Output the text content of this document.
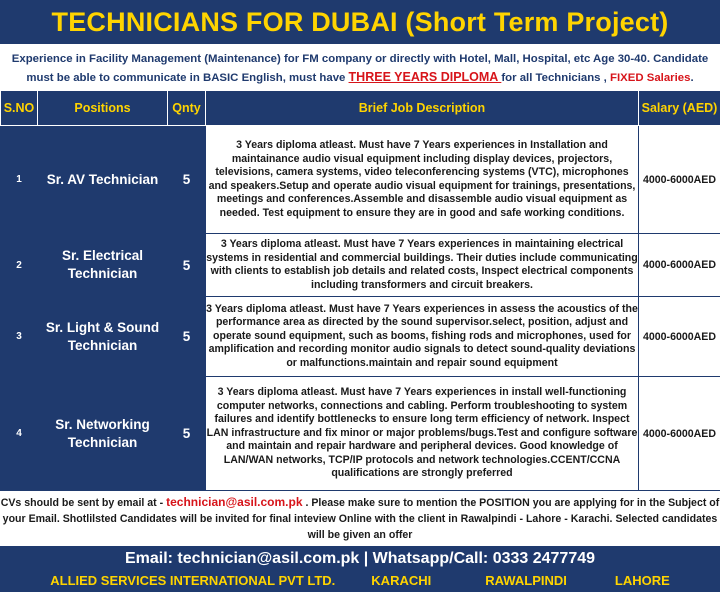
TECHNICIANS FOR DUBAI (Short Term Project)
Experience in Facility Management (Maintenance) for FM company or directly with Hotel, Mall, Hospital, etc Age 30-40. Candidate must be able to communicate in BASIC English, must have THREE YEARS DIPLOMA for all Technicians , FIXED Salaries.
S.NO	Positions	Qnty	Brief Job Description	Salary (AED)
1	Sr. AV Technician	5	3 Years diploma atleast. Must have 7 Years experiences in Installation and maintainance audio visual equipment including display devices, projectors, televisions, camera systems, video teleconferencing systems (VTC), microphones and speakers.Setup and operate audio visual equipment for trainings, presentations, meetings and conferences.Assemble and disassemble audio visual equipment as needed. Test equipment to ensure they are in good and safe working conditions.	4000-6000AED
2	Sr. Electrical Technician	5	3 Years diploma atleast. Must have 7 Years experiences in maintaining electrical systems in residential and commercial buildings. Their duties include communicating with clients to establish job details and related costs, Inspect electrical components including transformers and circuit breakers.	4000-6000AED
3	Sr. Light & Sound Technician	5	3 Years diploma atleast. Must have 7 Years experiences in assess the acoustics of the performance area as directed by the sound supervisor.select, position, adjust and operate sound equipment, such as booms, fishing rods and microphones, used for amplification and recording monitor audio signals to detect sound-quality deviations or malfunctions.maintain and repair sound equipment	4000-6000AED
4	Sr. Networking Technician	5	3 Years diploma atleast. Must have 7 Years experiences in install well-functioning computer networks, connections and cabling. Perform troubleshooting to system failures and identify bottlenecks to ensure long term efficiency of network. Inspect LAN infrastructure and fix minor or major problems/bugs.Test and configure software and maintain and repair hardware and peripheral devices. Good knowledge of LAN/WAN networks, TCP/IP protocols and network technologies.CCENT/CCNA qualifications are strongly preferred	4000-6000AED
CVs should be sent by email at - technician@asil.com.pk . Please make sure to mention the POSITION you are applying for in the Subject of your Email. Shotlilsted Candidates will be invited for final inteview Online with the client in Rawalpindi - Lahore - Karachi. Selected candidates will be given an offer
Email: technician@asil.com.pk | Whatsapp/Call: 0333 2477749
ALLIED SERVICES INTERNATIONAL PVT LTD.	KARACHI	RAWALPINDI	LAHORE
